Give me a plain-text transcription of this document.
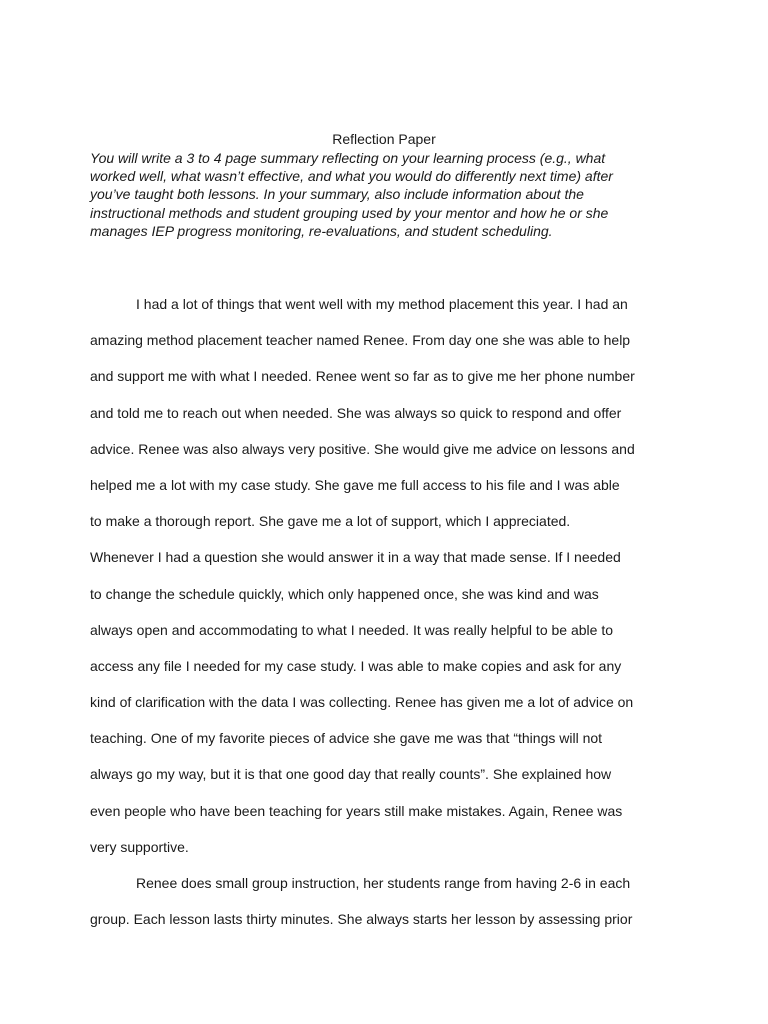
Reflection Paper
You will write a 3 to 4 page summary reflecting on your learning process (e.g., what
worked well, what wasn’t effective, and what you would do differently next time) after
you’ve taught both lessons. In your summary, also include information about the
instructional methods and student grouping used by your mentor and how he or she
manages IEP progress monitoring, re-evaluations, and student scheduling.
I had a lot of things that went well with my method placement this year. I had an
amazing method placement teacher named Renee. From day one she was able to help
and support me with what I needed. Renee went so far as to give me her phone number
and told me to reach out when needed. She was always so quick to respond and offer
advice. Renee was also always very positive. She would give me advice on lessons and
helped me a lot with my case study. She gave me full access to his file and I was able
to make a thorough report. She gave me a lot of support, which I appreciated.
Whenever I had a question she would answer it in a way that made sense. If I needed
to change the schedule quickly, which only happened once, she was kind and was
always open and accommodating to what I needed. It was really helpful to be able to
access any file I needed for my case study. I was able to make copies and ask for any
kind of clarification with the data I was collecting. Renee has given me a lot of advice on
teaching. One of my favorite pieces of advice she gave me was that “things will not
always go my way, but it is that one good day that really counts”. She explained how
even people who have been teaching for years still make mistakes. Again, Renee was
very supportive.
Renee does small group instruction, her students range from having 2-6 in each
group. Each lesson lasts thirty minutes. She always starts her lesson by assessing prior
